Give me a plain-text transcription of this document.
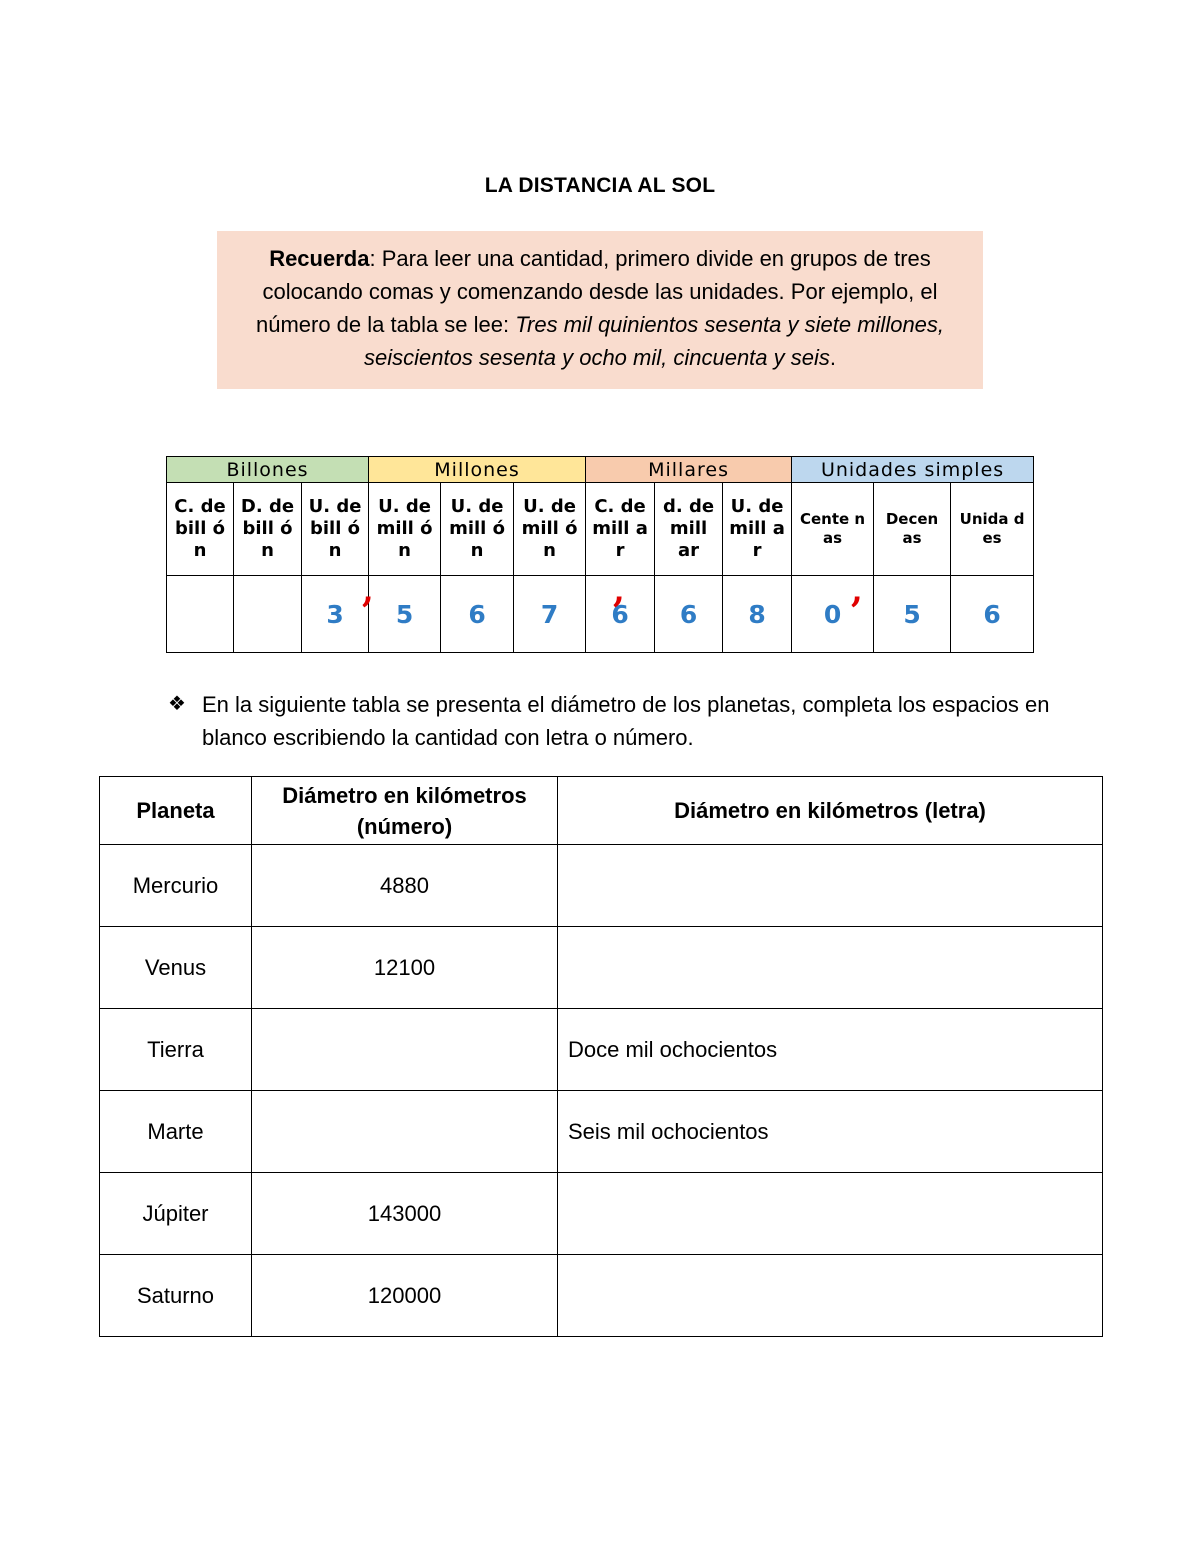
LA DISTANCIA AL SOL
Recuerda: Para leer una cantidad, primero divide en grupos de tres colocando comas y comenzando desde las unidades. Por ejemplo, el número de la tabla se lee: Tres mil quinientos sesenta y siete millones, seiscientos sesenta y ocho mil, cincuenta y seis.
Billones			Millones			Millares			Unidades simples		
C. de bill ón	D. de bill ón	U. de bill ón	U. de mill ón	U. de mill ón	U. de mill ón	C. de mill ar	d. de mill ar	U. de mill ar	Cente nas	Decen as	Unida des
		3	5	6	7	6	6	8	0	5	6
,	,	,
❖ En la siguiente tabla se presenta el diámetro de los planetas, completa los espacios en blanco escribiendo la cantidad con letra o número.
Planeta	Diámetro en kilómetros (número)	Diámetro en kilómetros (letra)
Mercurio	4880	
Venus	12100	
Tierra		Doce mil ochocientos
Marte		Seis mil ochocientos
Júpiter	143000	
Saturno	120000	
